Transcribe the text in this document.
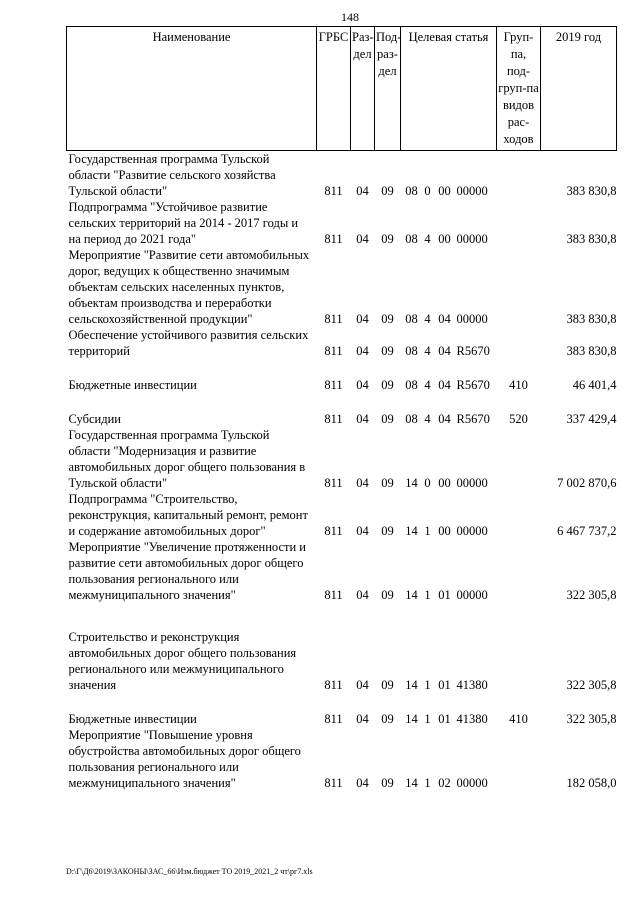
148
Наименование	ГРБС	Раз-дел	Под-раз-дел	Целевая статья	Груп-па, под-груп-па видов рас-ходов	2019 год
Государственная программа Тульской области "Развитие сельского хозяйства Тульской области"	811	04	09	08 0 00 00000		383 830,8
Подпрограмма "Устойчивое развитие сельских территорий на 2014 - 2017 годы и на период до 2021 года"	811	04	09	08 4 00 00000		383 830,8
Мероприятие "Развитие сети автомобильных дорог, ведущих к общественно значимым объектам сельских населенных пунктов, объектам производства и переработки сельскохозяйственной продукции"	811	04	09	08 4 04 00000		383 830,8
Обеспечение устойчивого развития сельских территорий	811	04	09	08 4 04 R5670		383 830,8
Бюджетные инвестиции	811	04	09	08 4 04 R5670	410	46 401,4
Субсидии	811	04	09	08 4 04 R5670	520	337 429,4
Государственная программа Тульской области "Модернизация и развитие автомобильных дорог общего пользования в Тульской области"	811	04	09	14 0 00 00000		7 002 870,6
Подпрограмма "Строительство, реконструкция, капитальный ремонт, ремонт и содержание автомобильных дорог"	811	04	09	14 1 00 00000		6 467 737,2
Мероприятие "Увеличение протяженности и развитие сети автомобильных дорог общего пользования регионального или межмуниципального значения"	811	04	09	14 1 01 00000		322 305,8

Строительство и реконструкция автомобильных дорог общего пользования регионального или межмуниципального значения	811	04	09	14 1 01 41380		322 305,8
Бюджетные инвестиции	811	04	09	14 1 01 41380	410	322 305,8
Мероприятие "Повышение уровня обустройства автомобильных дорог общего пользования регионального или межмуниципального значения"	811	04	09	14 1 02 00000		182 058,0
D:\Г\Д6\2019\ЗАКОНЫ\ЗАС_66\Изм.бюджет ТО 2019_2021_2 чт\рг7.xls
